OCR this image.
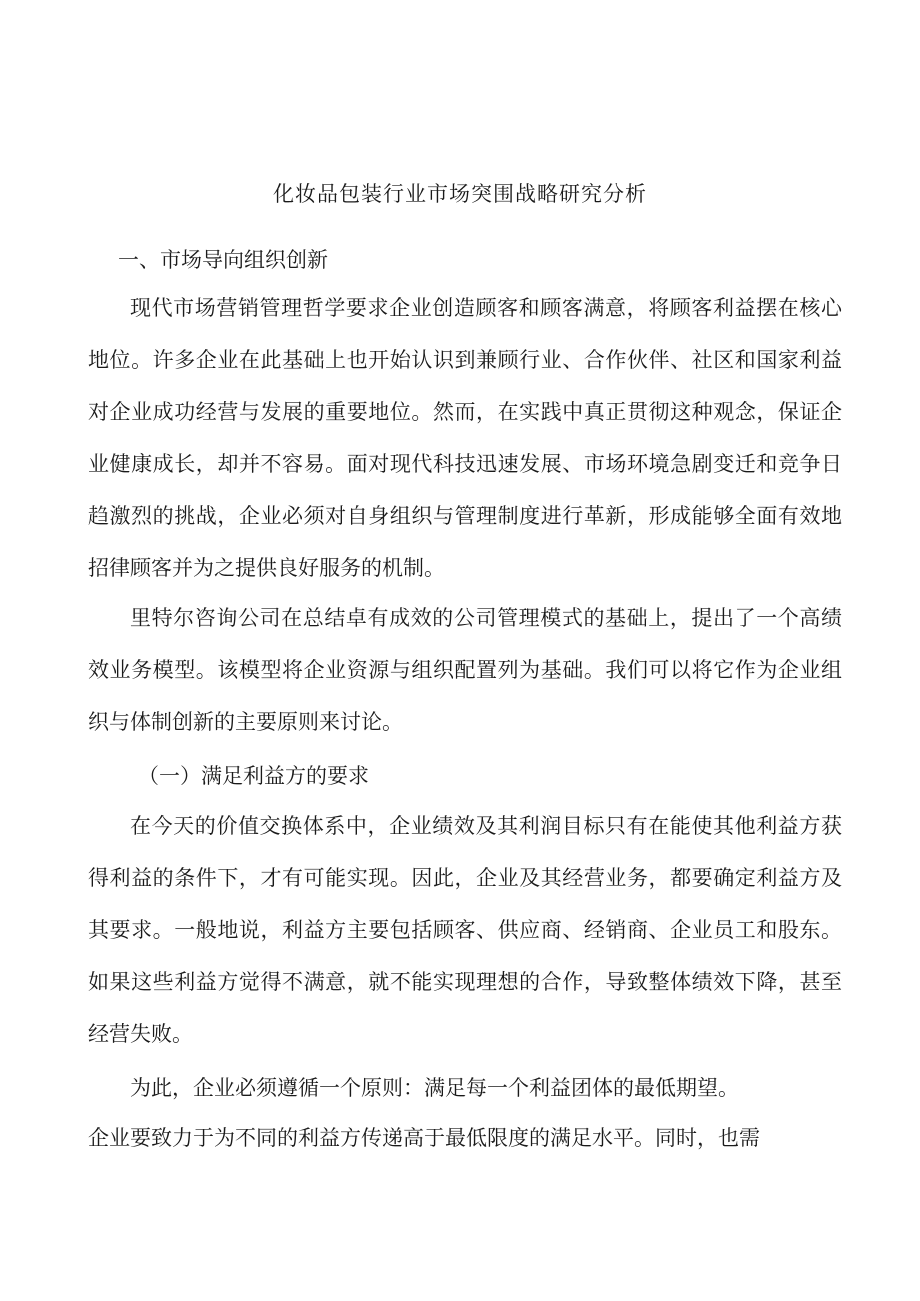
化妆品包装行业市场突围战略研究分析
一、市场导向组织创新
现代市场营销管理哲学要求企业创造顾客和顾客满意，将顾客利益摆在核心地位。许多企业在此基础上也开始认识到兼顾行业、合作伙伴、社区和国家利益对企业成功经营与发展的重要地位。然而，在实践中真正贯彻这种观念，保证企业健康成长，却并不容易。面对现代科技迅速发展、市场环境急剧变迁和竞争日趋激烈的挑战，企业必须对自身组织与管理制度进行革新，形成能够全面有效地招律顾客并为之提供良好服务的机制。
里特尔咨询公司在总结卓有成效的公司管理模式的基础上，提出了一个高绩效业务模型。该模型将企业资源与组织配置列为基础。我们可以将它作为企业组织与体制创新的主要原则来讨论。
（一）满足利益方的要求
在今天的价值交换体系中，企业绩效及其利润目标只有在能使其他利益方获得利益的条件下，才有可能实现。因此，企业及其经营业务，都要确定利益方及其要求。一般地说，利益方主要包括顾客、供应商、经销商、企业员工和股东。如果这些利益方觉得不满意，就不能实现理想的合作，导致整体绩效下降，甚至经营失败。
为此，企业必须遵循一个原则：满足每一个利益团体的最低期望。
企业要致力于为不同的利益方传递高于最低限度的满足水平。同时，也需
